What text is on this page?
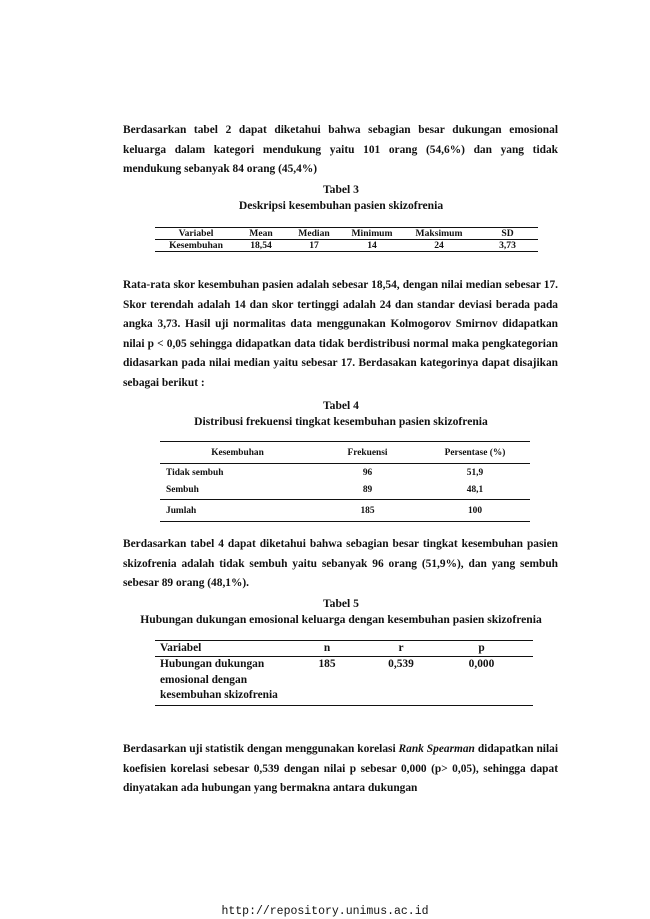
Berdasarkan tabel 2 dapat diketahui bahwa sebagian besar dukungan emosional keluarga dalam kategori mendukung yaitu 101 orang (54,6%) dan yang tidak mendukung sebanyak 84 orang (45,4%)

Tabel 3

Deskripsi kesembuhan pasien skizofrenia

Variabel	Mean	Median	Minimum	Maksimum	SD
Kesembuhan	18,54	17	14	24	3,73

Rata-rata skor kesembuhan pasien adalah sebesar 18,54, dengan nilai median sebesar 17. Skor terendah adalah 14 dan skor tertinggi adalah 24 dan standar deviasi berada pada angka 3,73. Hasil uji normalitas data menggunakan Kolmogorov Smirnov didapatkan nilai p < 0,05 sehingga didapatkan data tidak berdistribusi normal maka pengkategorian didasarkan pada nilai median yaitu sebesar 17. Berdasakan kategorinya dapat disajikan sebagai berikut :

Tabel 4

Distribusi frekuensi tingkat kesembuhan pasien skizofrenia

Kesembuhan	Frekuensi	Persentase (%)
Tidak sembuh	96	51,9
Sembuh	89	48,1
Jumlah	185	100

Berdasarkan tabel 4 dapat diketahui bahwa sebagian besar tingkat kesembuhan pasien skizofrenia adalah tidak sembuh yaitu sebanyak 96 orang (51,9%), dan yang sembuh sebesar 89 orang (48,1%).

Tabel 5

Hubungan dukungan emosional keluarga dengan kesembuhan pasien skizofrenia

Variabel	n	r	p
Hubungan dukungan emosional dengan kesembuhan skizofrenia	185	0,539	0,000

Berdasarkan uji statistik dengan menggunakan korelasi Rank Spearman didapatkan nilai koefisien korelasi sebesar 0,539 dengan nilai p sebesar 0,000 (p> 0,05), sehingga dapat dinyatakan ada hubungan yang bermakna antara dukungan

http://repository.unimus.ac.id
